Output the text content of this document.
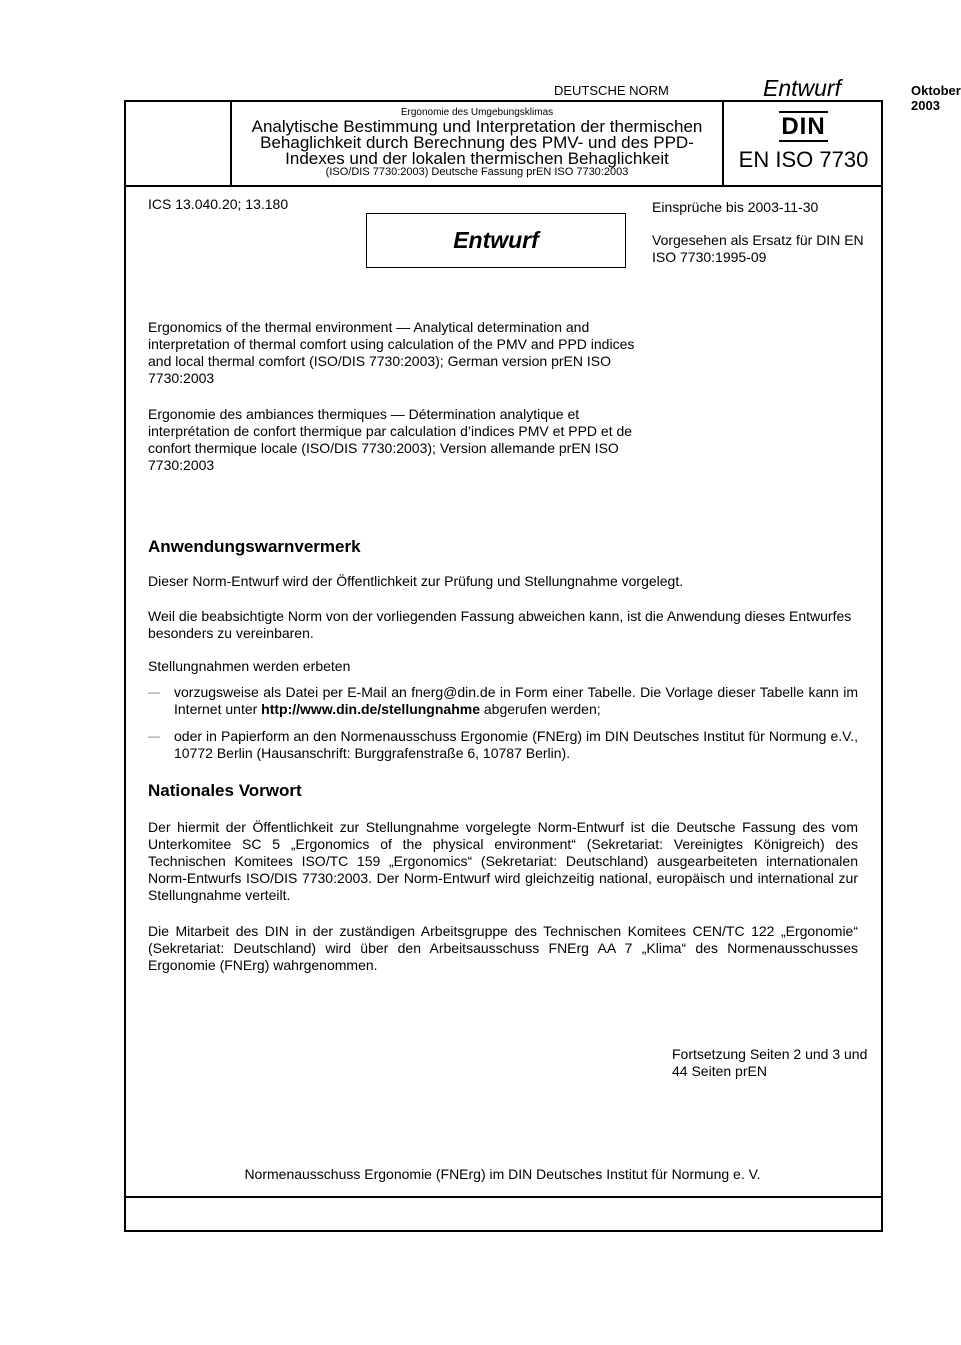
DEUTSCHE NORM	Entwurf	Oktober 2003
Ergonomie des Umgebungsklimas
Analytische Bestimmung und Interpretation der thermischen Behaglichkeit durch Berechnung des PMV- und des PPD-Indexes und der lokalen thermischen Behaglichkeit
(ISO/DIS 7730:2003) Deutsche Fassung prEN ISO 7730:2003
DIN
EN ISO 7730
ICS 13.040.20; 13.180
Entwurf
Einsprüche bis 2003-11-30
Vorgesehen als Ersatz für DIN EN ISO 7730:1995-09
Ergonomics of the thermal environment — Analytical determination and interpretation of thermal comfort using calculation of the PMV and PPD indices and local thermal comfort (ISO/DIS 7730:2003); German version prEN ISO 7730:2003
Ergonomie des ambiances thermiques — Détermination analytique et interprétation de confort thermique par calculation d’indices PMV et PPD et de confort thermique locale (ISO/DIS 7730:2003); Version allemande prEN ISO 7730:2003
Anwendungswarnvermerk
Dieser Norm-Entwurf wird der Öffentlichkeit zur Prüfung und Stellungnahme vorgelegt.
Weil die beabsichtigte Norm von der vorliegenden Fassung abweichen kann, ist die Anwendung dieses Entwurfes besonders zu vereinbaren.
Stellungnahmen werden erbeten
— vorzugsweise als Datei per E-Mail an fnerg@din.de in Form einer Tabelle. Die Vorlage dieser Tabelle kann im Internet unter http://www.din.de/stellungnahme abgerufen werden;
— oder in Papierform an den Normenausschuss Ergonomie (FNErg) im DIN Deutsches Institut für Normung e.V., 10772 Berlin (Hausanschrift: Burggrafenstraße 6, 10787 Berlin).
Nationales Vorwort
Der hiermit der Öffentlichkeit zur Stellungnahme vorgelegte Norm-Entwurf ist die Deutsche Fassung des vom Unterkomitee SC 5 „Ergonomics of the physical environment“ (Sekretariat: Vereinigtes Königreich) des Technischen Komitees ISO/TC 159 „Ergonomics“ (Sekretariat: Deutschland) ausgearbeiteten internationalen Norm-Entwurfs ISO/DIS 7730:2003. Der Norm-Entwurf wird gleichzeitig national, europäisch und international zur Stellungnahme verteilt.
Die Mitarbeit des DIN in der zuständigen Arbeitsgruppe des Technischen Komitees CEN/TC 122 „Ergonomie“ (Sekretariat: Deutschland) wird über den Arbeitsausschuss FNErg AA 7 „Klima“ des Normenausschusses Ergonomie (FNErg) wahrgenommen.
Fortsetzung Seiten 2 und 3 und 44 Seiten prEN
Normenausschuss Ergonomie (FNErg) im DIN Deutsches Institut für Normung e. V.
